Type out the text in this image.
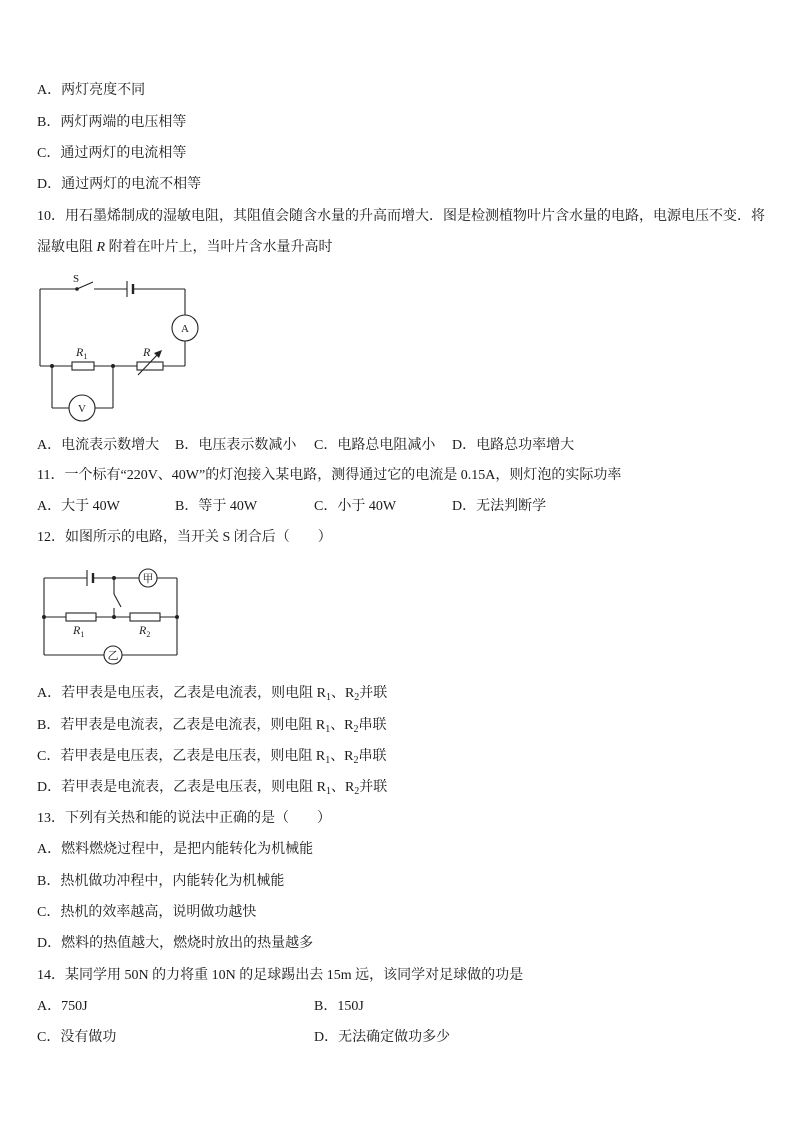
A．两灯亮度不同
B．两灯两端的电压相等
C．通过两灯的电流相等
D．通过两灯的电流不相等
10．用石墨烯制成的湿敏电阻，其阻值会随含水量的升高而增大．图是检测植物叶片含水量的电路，电源电压不变．将
湿敏电阻 R 附着在叶片上，当叶片含水量升高时
S
A
$R_1$	R
V
A．电流表示数增大 B．电压表示数减小 C．电路总电阻减小 D．电路总功率增大
11．一个标有“220V、40W”的灯泡接入某电路，测得通过它的电流是 0.15A，则灯泡的实际功率
A．大于 40W	B．等于 40W	C．小于 40W	D．无法判断学
12．如图所示的电路，当开关 S 闭合后（　　）
甲
$R_1$	$R_2$
乙
A．若甲表是电压表，乙表是电流表，则电阻 $R_1$、$R_2$并联
B．若甲表是电流表，乙表是电流表，则电阻 $R_1$、$R_2$串联
C．若甲表是电压表，乙表是电压表，则电阻 $R_1$、$R_2$串联
D．若甲表是电流表，乙表是电压表，则电阻 $R_1$、$R_2$并联
13．下列有关热和能的说法中正确的是（　　）
A．燃料燃烧过程中，是把内能转化为机械能
B．热机做功冲程中，内能转化为机械能
C．热机的效率越高，说明做功越快
D．燃料的热值越大，燃烧时放出的热量越多
14．某同学用 50N 的力将重 10N 的足球踢出去 15m 远，该同学对足球做的功是
A．750J	B．150J
C．没有做功	D．无法确定做功多少
